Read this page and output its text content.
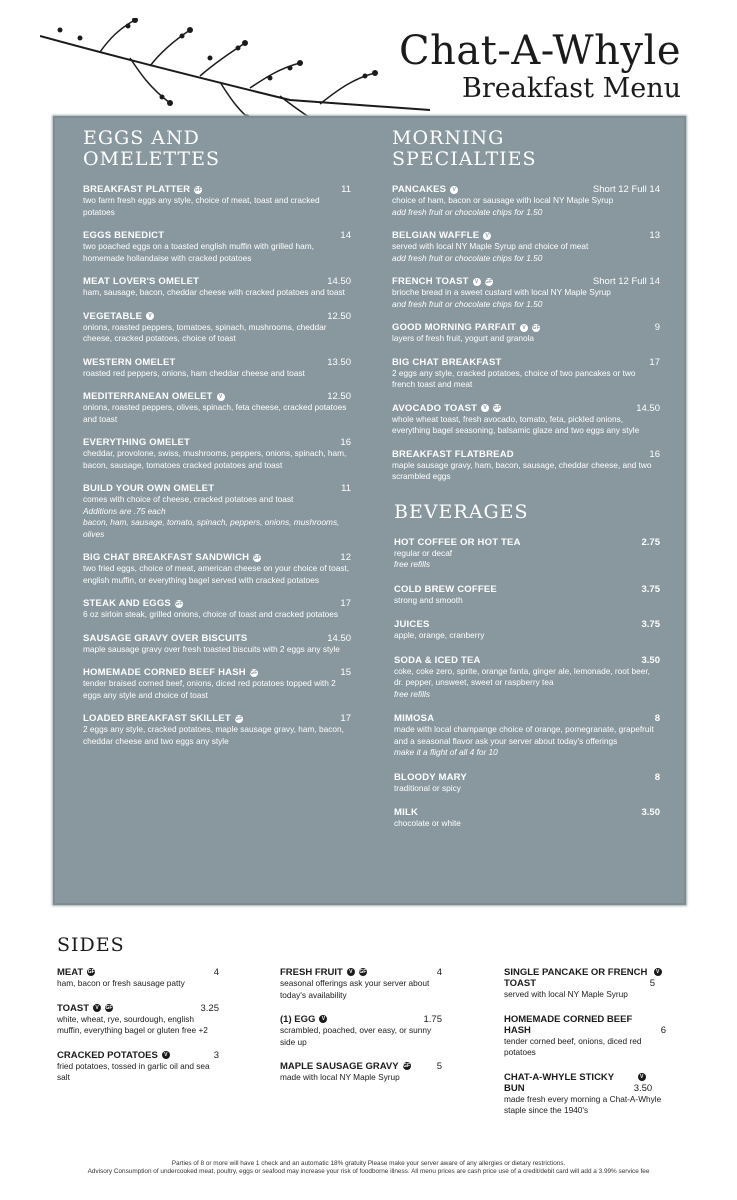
Chat-A-Whyle
Breakfast Menu
EGGS AND
OMELETTES
BREAKFAST PLATTER GF	11
two farm fresh eggs any style, choice of meat, toast and cracked potatoes
EGGS BENEDICT	14
two poached eggs on a toasted english muffin with grilled ham, homemade hollandaise with cracked potatoes
MEAT LOVER'S OMELET	14.50
ham, sausage, bacon, cheddar cheese with cracked potatoes and toast
VEGETABLE	V	12.50
onions, roasted peppers, tomatoes, spinach, mushrooms, cheddar cheese, cracked potatoes, choice of toast
WESTERN OMELET	13.50
roasted red peppers, onions, ham cheddar cheese and toast
MEDITERRANEAN OMELET	V	12.50
onions, roasted peppers, olives, spinach, feta cheese, cracked potatoes and toast
EVERYTHING OMELET	16
cheddar, provolone, swiss, mushrooms, peppers, onions, spinach, ham, bacon, sausage, tomatoes cracked potatoes and toast
BUILD YOUR OWN OMELET	11
comes with choice of cheese, cracked potatoes and toast
Additions are .75 each
bacon, ham, sausage, tomato, spinach, peppers, onions, mushrooms, olives
BIG CHAT BREAKFAST SANDWICH GF	12
two fried eggs, choice of meat, american cheese on your choice of toast, english muffin, or everything bagel served with cracked potatoes
STEAK AND EGGS GF	17
6 oz sirloin steak, grilled onions, choice of toast and cracked potatoes
SAUSAGE GRAVY OVER BISCUITS	14.50
maple sausage gravy over fresh toasted biscuits with 2 eggs any style
HOMEMADE CORNED BEEF HASH GF	15
tender braised corned beef, onions, diced red potatoes topped with 2 eggs any style and choice of toast
LOADED BREAKFAST SKILLET GF	17
2 eggs any style, cracked potatoes, maple sausage gravy, ham, bacon, cheddar cheese and two eggs any style
MORNING
SPECIALTIES
PANCAKES	V	Short 12 Full 14
choice of ham, bacon or sausage with local NY Maple Syrup
add fresh fruit or chocolate chips for 1.50
BELGIAN WAFFLE	V	13
served with local NY Maple Syrup and choice of meat
add fresh fruit or chocolate chips for 1.50
FRENCH TOAST	V	GF	Short 12 Full 14
brioche bread in a sweet custard with local NY Maple Syrup
and fresh fruit or chocolate chips for 1.50
GOOD MORNING PARFAIT	V	GF	9
layers of fresh fruit, yogurt and granola
BIG CHAT BREAKFAST	17
2 eggs any style, cracked potatoes, choice of two pancakes or two french toast and meat
AVOCADO TOAST	V	GF	14.50
whole wheat toast, fresh avocado, tomato, feta, pickled onions, everything bagel seasoning, balsamic glaze and two eggs any style
BREAKFAST FLATBREAD	16
maple sausage gravy, ham, bacon, sausage, cheddar cheese, and two scrambled eggs
BEVERAGES
HOT COFFEE OR HOT TEA	2.75
regular or decaf
free refills
COLD BREW COFFEE	3.75
strong and smooth
JUICES	3.75
apple, orange, cranberry
SODA & ICED TEA	3.50
coke, coke zero, sprite, orange fanta, ginger ale, lemonade, root beer, dr. pepper, unsweet, sweet or raspberry tea
free refills
MIMOSA	8
made with local champange choice of orange, pomegranate, grapefruit and a seasonal flavor ask your server about today's offerings
make it a flight of all 4 for 10
BLOODY MARY	8
traditional or spicy
MILK	3.50
chocolate or white
SIDES
MEAT GF	4
ham, bacon or fresh sausage patty
TOAST V GF	3.25
white, wheat, rye, sourdough, english muffin, everything bagel or gluten free +2
CRACKED POTATOES V	3
fried potatoes, tossed in garlic oil and sea salt
FRESH FRUIT V GF	4
seasonal offerings ask your server about today's availability
(1) EGG V	1.75
scrambled, poached, over easy, or sunny side up
MAPLE SAUSAGE GRAVY GF	5
made with local NY Maple Syrup
SINGLE PANCAKE OR FRENCH TOAST
V 5
served with local NY Maple Syrup
HOMEMADE CORNED BEEF HASH	6
tender corned beef, onions, diced red potatoes
CHAT-A-WHYLE STICKY BUN
V 3.50
made fresh every morning a Chat-A-Whyle staple since the 1940's
Parties of 8 or more will have 1 check and an automatic 18% gratuity Please make your server aware of any allergies or dietary restrictions.
Advisory Consumption of undercooked meat, poultry, eggs or seafood may increase your risk of foodborne illness. All menu prices are cash price use of a credit/debit card will add a 3.99% service fee
